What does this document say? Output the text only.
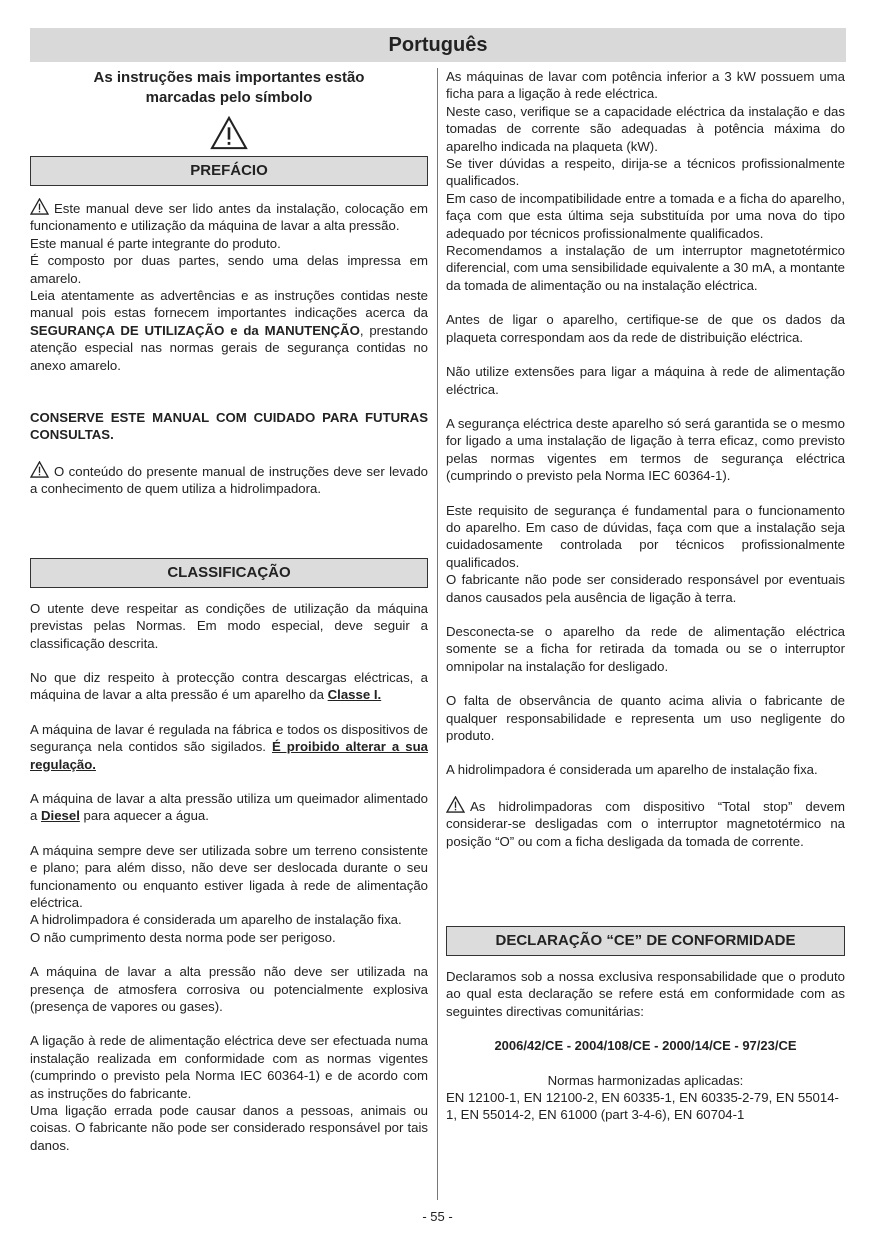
Português
As instruções mais importantes estão
marcadas pelo símbolo
PREFÁCIO

Este manual deve ser lido antes da instalação, colocação em funcionamento e utilização da máquina de lavar a alta pressão.

Este manual é parte integrante do produto.

É composto por duas partes, sendo uma delas impressa em amarelo.

Leia atentamente as advertências e as instruções contidas neste manual pois estas fornecem importantes indicações acerca da SEGURANÇA DE UTILIZAÇÃO e da MANUTENÇÃO, prestando atenção especial nas normas gerais de segurança contidas no anexo amarelo.

CONSERVE ESTE MANUAL COM CUIDADO PARA FUTURAS CONSULTAS.

O conteúdo do presente manual de instruções deve ser levado a conhecimento de quem utiliza a hidrolimpadora.

CLASSIFICAÇÃO

O utente deve respeitar as condições de utilização da máquina previstas pelas Normas. Em modo especial, deve seguir a classificação descrita.

No que diz respeito à protecção contra descargas eléctricas, a máquina de lavar a alta pressão é um aparelho da Classe I.

A máquina de lavar é regulada na fábrica e todos os dispositivos de segurança nela contidos são sigilados. É proibido alterar a sua regulação.

A máquina de lavar a alta pressão utiliza um queimador alimentado a Diesel para aquecer a água.

A máquina sempre deve ser utilizada sobre um terreno consistente e plano; para além disso, não deve ser deslocada durante o seu funcionamento ou enquanto estiver ligada à rede de alimentação eléctrica.

A hidrolimpadora é considerada um aparelho de instalação fixa.

O não cumprimento desta norma pode ser perigoso.

A máquina de lavar a alta pressão não deve ser utilizada na presença de atmosfera corrosiva ou potencialmente explosiva (presença de vapores ou gases).

A ligação à rede de alimentação eléctrica deve ser efectuada numa instalação realizada em conformidade com as normas vigentes (cumprindo o previsto pela Norma IEC 60364-1) e de acordo com as instruções do fabricante.

Uma ligação errada pode causar danos a pessoas, animais ou coisas. O fabricante não pode ser considerado responsável por tais danos.

As máquinas de lavar com potência inferior a 3 kW possuem uma ficha para a ligação à rede eléctrica.

Neste caso, verifique se a capacidade eléctrica da instalação e das tomadas de corrente são adequadas à potência máxima do aparelho indicada na plaqueta (kW).

Se tiver dúvidas a respeito, dirija-se a técnicos profissionalmente qualificados.

Em caso de incompatibilidade entre a tomada e a ficha do aparelho, faça com que esta última seja substituída por uma nova do tipo adequado por técnicos profissionalmente qualificados.

Recomendamos a instalação de um interruptor magnetotérmico diferencial, com uma sensibilidade equivalente a 30 mA, a montante da tomada de alimentação ou na instalação eléctrica.

Antes de ligar o aparelho, certifique-se de que os dados da plaqueta correspondam aos da rede de distribuição eléctrica.

Não utilize extensões para ligar a máquina à rede de alimentação eléctrica.

A segurança eléctrica deste aparelho só será garantida se o mesmo for ligado a uma instalação de ligação à terra eficaz, como previsto pelas normas vigentes em termos de segurança eléctrica (cumprindo o previsto pela Norma IEC 60364-1).

Este requisito de segurança é fundamental para o funcionamento do aparelho. Em caso de dúvidas, faça com que a instalação seja cuidadosamente controlada por técnicos profissionalmente qualificados.

O fabricante não pode ser considerado responsável por eventuais danos causados pela ausência de ligação à terra.

Desconecta-se o aparelho da rede de alimentação eléctrica somente se a ficha for retirada da tomada ou se o interruptor omnipolar na instalação for desligado.

O falta de observância de quanto acima alivia o fabricante de qualquer responsabilidade e representa um uso negligente do produto.

A hidrolimpadora é considerada um aparelho de instalação fixa.

As hidrolimpadoras com dispositivo “Total stop” devem considerar-se desligadas com o interruptor magnetotérmico na posição “O” ou com a ficha desligada da tomada de corrente.

DECLARAÇÃO “CE” DE CONFORMIDADE

Declaramos sob a nossa exclusiva responsabilidade que o produto ao qual esta declaração se refere está em conformidade com as seguintes directivas comunitárias:

2006/42/CE - 2004/108/CE - 2000/14/CE - 97/23/CE

Normas harmonizadas aplicadas:

EN 12100-1, EN 12100-2, EN 60335-1, EN 60335-2-79, EN 55014-1, EN 55014-2, EN 61000 (part 3-4-6), EN 60704-1

- 55 -
